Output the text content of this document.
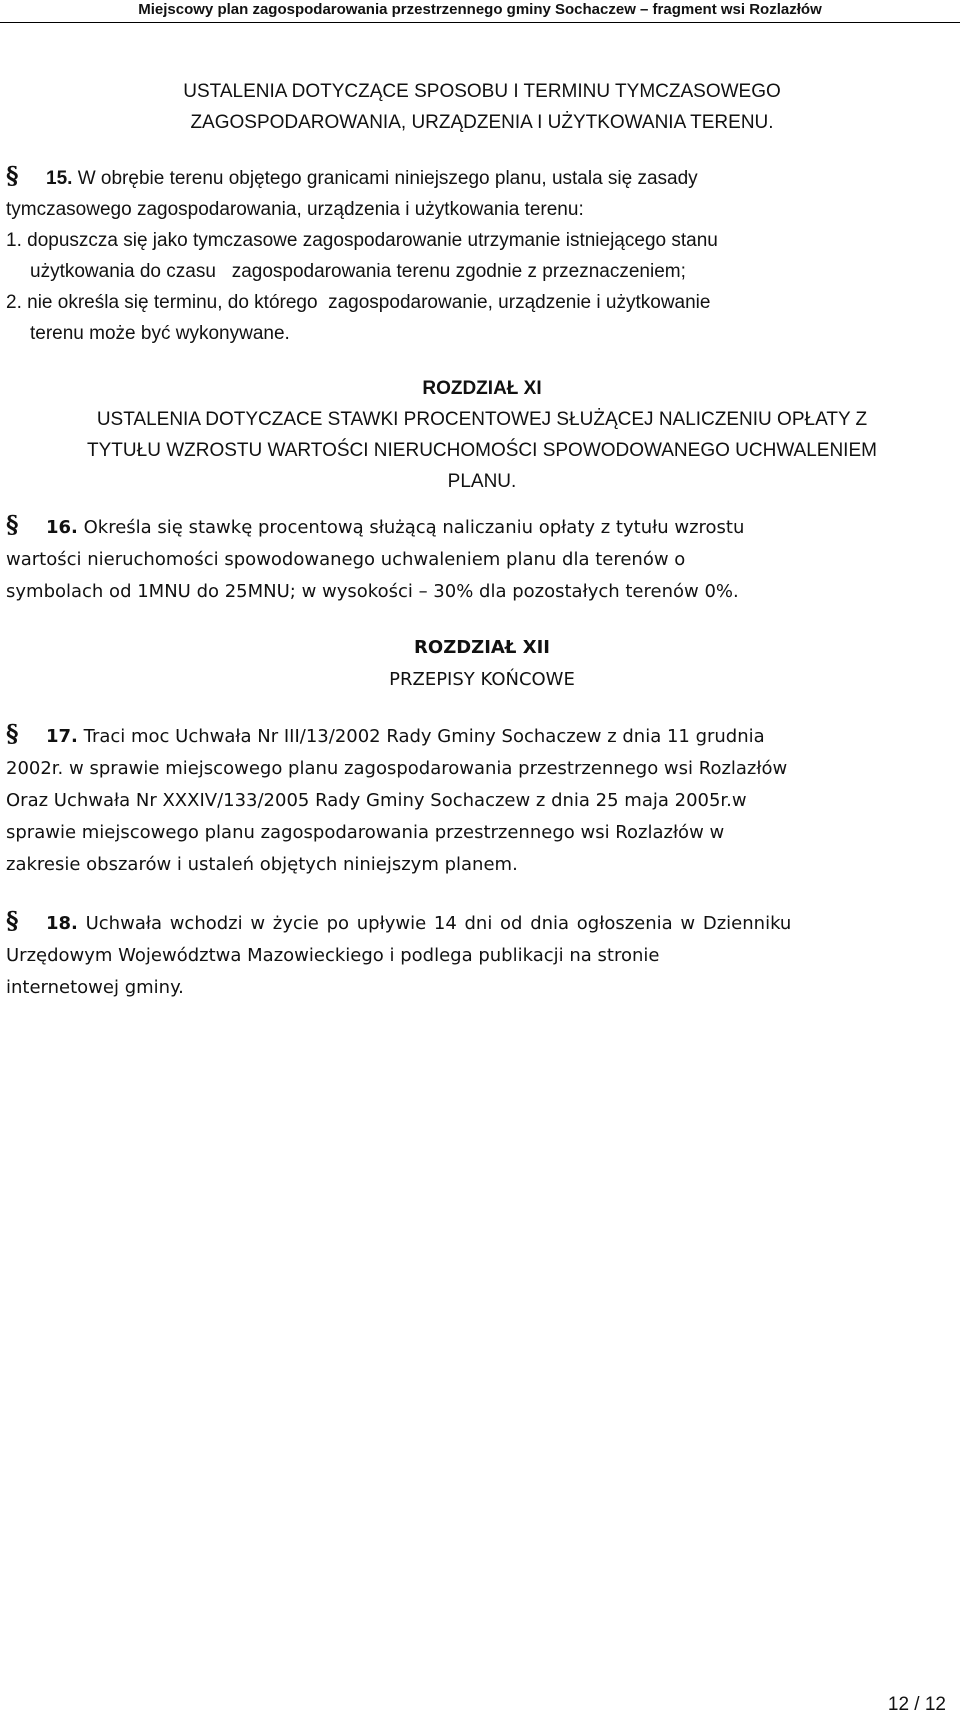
Miejscowy plan zagospodarowania przestrzennego gminy Sochaczew – fragment wsi Rozlazłów
USTALENIA DOTYCZĄCE SPOSOBU I TERMINU TYMCZASOWEGO
ZAGOSPODAROWANIA, URZĄDZENIA I UŻYTKOWANIA TERENU.
§ 15. W obrębie terenu objętego granicami niniejszego planu, ustala się zasady
tymczasowego zagospodarowania, urządzenia i użytkowania terenu:
1. dopuszcza się jako tymczasowe zagospodarowanie utrzymanie istniejącego stanu
użytkowania do czasu   zagospodarowania terenu zgodnie z przeznaczeniem;
2. nie określa się terminu, do którego  zagospodarowanie, urządzenie i użytkowanie
terenu może być wykonywane.
ROZDZIAŁ XI
USTALENIA DOTYCZACE STAWKI PROCENTOWEJ SŁUŻĄCEJ NALICZENIU OPŁATY Z
TYTUŁU WZROSTU WARTOŚCI NIERUCHOMOŚCI SPOWODOWANEGO UCHWALENIEM
PLANU.
§ 16. Określa się stawkę procentową służącą naliczaniu opłaty z tytułu wzrostu
wartości nieruchomości spowodowanego uchwaleniem planu dla terenów o
symbolach od 1MNU do 25MNU; w wysokości – 30% dla pozostałych terenów 0%.
ROZDZIAŁ XII
PRZEPISY KOŃCOWE
§ 17. Traci moc Uchwała Nr III/13/2002 Rady Gminy Sochaczew z dnia 11 grudnia
2002r. w sprawie miejscowego planu zagospodarowania przestrzennego wsi Rozlazłów
Oraz Uchwała Nr XXXIV/133/2005 Rady Gminy Sochaczew z dnia 25 maja 2005r.w
sprawie miejscowego planu zagospodarowania przestrzennego wsi Rozlazłów w
zakresie obszarów i ustaleń objętych niniejszym planem.
§ 18. Uchwała wchodzi w życie po upływie 14 dni od dnia ogłoszenia w Dzienniku
Urzędowym Województwa Mazowieckiego i podlega publikacji na stronie
internetowej gminy.
12 / 12
